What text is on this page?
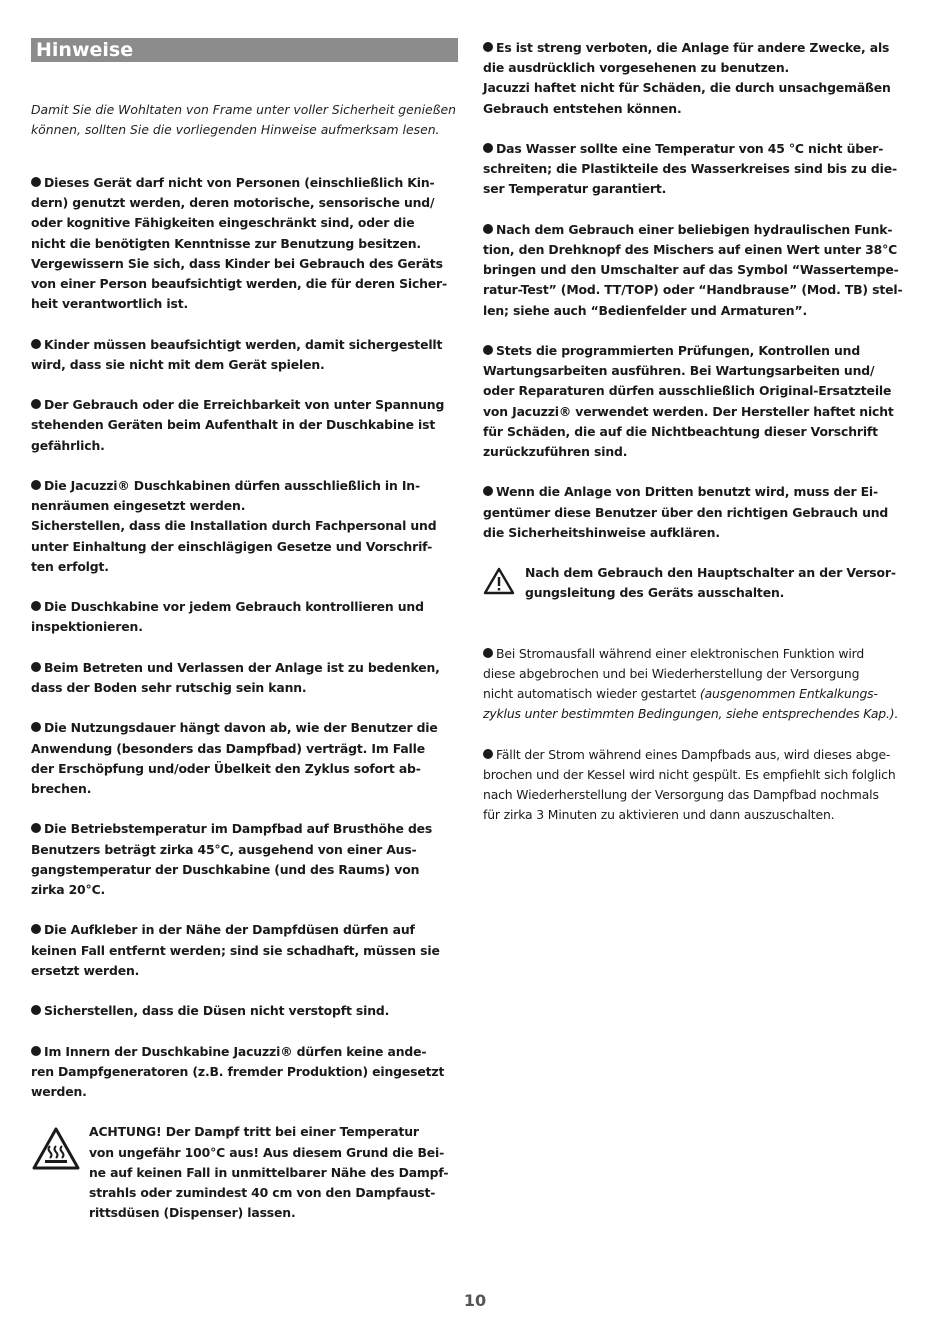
Hinweise
Damit Sie die Wohltaten von Frame unter voller Sicherheit genießen
können, sollten Sie die vorliegenden Hinweise aufmerksam lesen.
Dieses Gerät darf nicht von Personen (einschließlich Kin-
dern) genutzt werden, deren motorische, sensorische und/
oder kognitive Fähigkeiten eingeschränkt sind, oder die
nicht die benötigten Kenntnisse zur Benutzung besitzen.
Vergewissern Sie sich, dass Kinder bei Gebrauch des Geräts
von einer Person beaufsichtigt werden, die für deren Sicher-
heit verantwortlich ist.
Kinder müssen beaufsichtigt werden, damit sichergestellt
wird, dass sie nicht mit dem Gerät spielen.
Der Gebrauch oder die Erreichbarkeit von unter Spannung
stehenden Geräten beim Aufenthalt in der Duschkabine ist
gefährlich.
Die Jacuzzi® Duschkabinen dürfen ausschließlich in In-
nenräumen eingesetzt werden.
Sicherstellen, dass die Installation durch Fachpersonal und
unter Einhaltung der einschlägigen Gesetze und Vorschrif-
ten erfolgt.
Die Duschkabine vor jedem Gebrauch kontrollieren und
inspektionieren.
Beim Betreten und Verlassen der Anlage ist zu bedenken,
dass der Boden sehr rutschig sein kann.
Die Nutzungsdauer hängt davon ab, wie der Benutzer die
Anwendung (besonders das Dampfbad) verträgt. Im Falle
der Erschöpfung und/oder Übelkeit den Zyklus sofort ab-
brechen.
Die Betriebstemperatur im Dampfbad auf Brusthöhe des
Benutzers beträgt zirka 45°C, ausgehend von einer Aus-
gangstemperatur der Duschkabine (und des Raums) von
zirka 20°C.
Die Aufkleber in der Nähe der Dampfdüsen dürfen auf
keinen Fall entfernt werden; sind sie schadhaft, müssen sie
ersetzt werden.
Sicherstellen, dass die Düsen nicht verstopft sind.
Im Innern der Duschkabine Jacuzzi® dürfen keine ande-
ren Dampfgeneratoren (z.B. fremder Produktion) eingesetzt
werden.
ACHTUNG! Der Dampf tritt bei einer Temperatur
von ungefähr 100°C aus! Aus diesem Grund die Bei-
ne auf keinen Fall in unmittelbarer Nähe des Dampf-
strahls oder zumindest 40 cm von den Dampfaust-
rittsdüsen (Dispenser) lassen.
Es ist streng verboten, die Anlage für andere Zwecke, als
die ausdrücklich vorgesehenen zu benutzen.
Jacuzzi haftet nicht für Schäden, die durch unsachgemäßen
Gebrauch entstehen können.
Das Wasser sollte eine Temperatur von 45 °C nicht über-
schreiten; die Plastikteile des Wasserkreises sind bis zu die-
ser Temperatur garantiert.
Nach dem Gebrauch einer beliebigen hydraulischen Funk-
tion, den Drehknopf des Mischers auf einen Wert unter 38°C
bringen und den Umschalter auf das Symbol “Wassertempe-
ratur-Test” (Mod. TT/TOP) oder “Handbrause” (Mod. TB) stel-
len; siehe auch “Bedienfelder und Armaturen”.
Stets die programmierten Prüfungen, Kontrollen und
Wartungsarbeiten ausführen. Bei Wartungsarbeiten und/
oder Reparaturen dürfen ausschließlich Original-Ersatzteile
von Jacuzzi® verwendet werden. Der Hersteller haftet nicht
für Schäden, die auf die Nichtbeachtung dieser Vorschrift
zurückzuführen sind.
Wenn die Anlage von Dritten benutzt wird, muss der Ei-
gentümer diese Benutzer über den richtigen Gebrauch und
die Sicherheitshinweise aufklären.
Nach dem Gebrauch den Hauptschalter an der Versor-
gungsleitung des Geräts ausschalten.
Bei Stromausfall während einer elektronischen Funktion wird
diese abgebrochen und bei Wiederherstellung der Versorgung
nicht automatisch wieder gestartet (ausgenommen Entkalkungs-
zyklus unter bestimmten Bedingungen, siehe entsprechendes Kap.).
Fällt der Strom während eines Dampfbads aus, wird dieses abge-
brochen und der Kessel wird nicht gespült. Es empfiehlt sich folglich
nach Wiederherstellung der Versorgung das Dampfbad nochmals
für zirka 3 Minuten zu aktivieren und dann auszuschalten.
10
